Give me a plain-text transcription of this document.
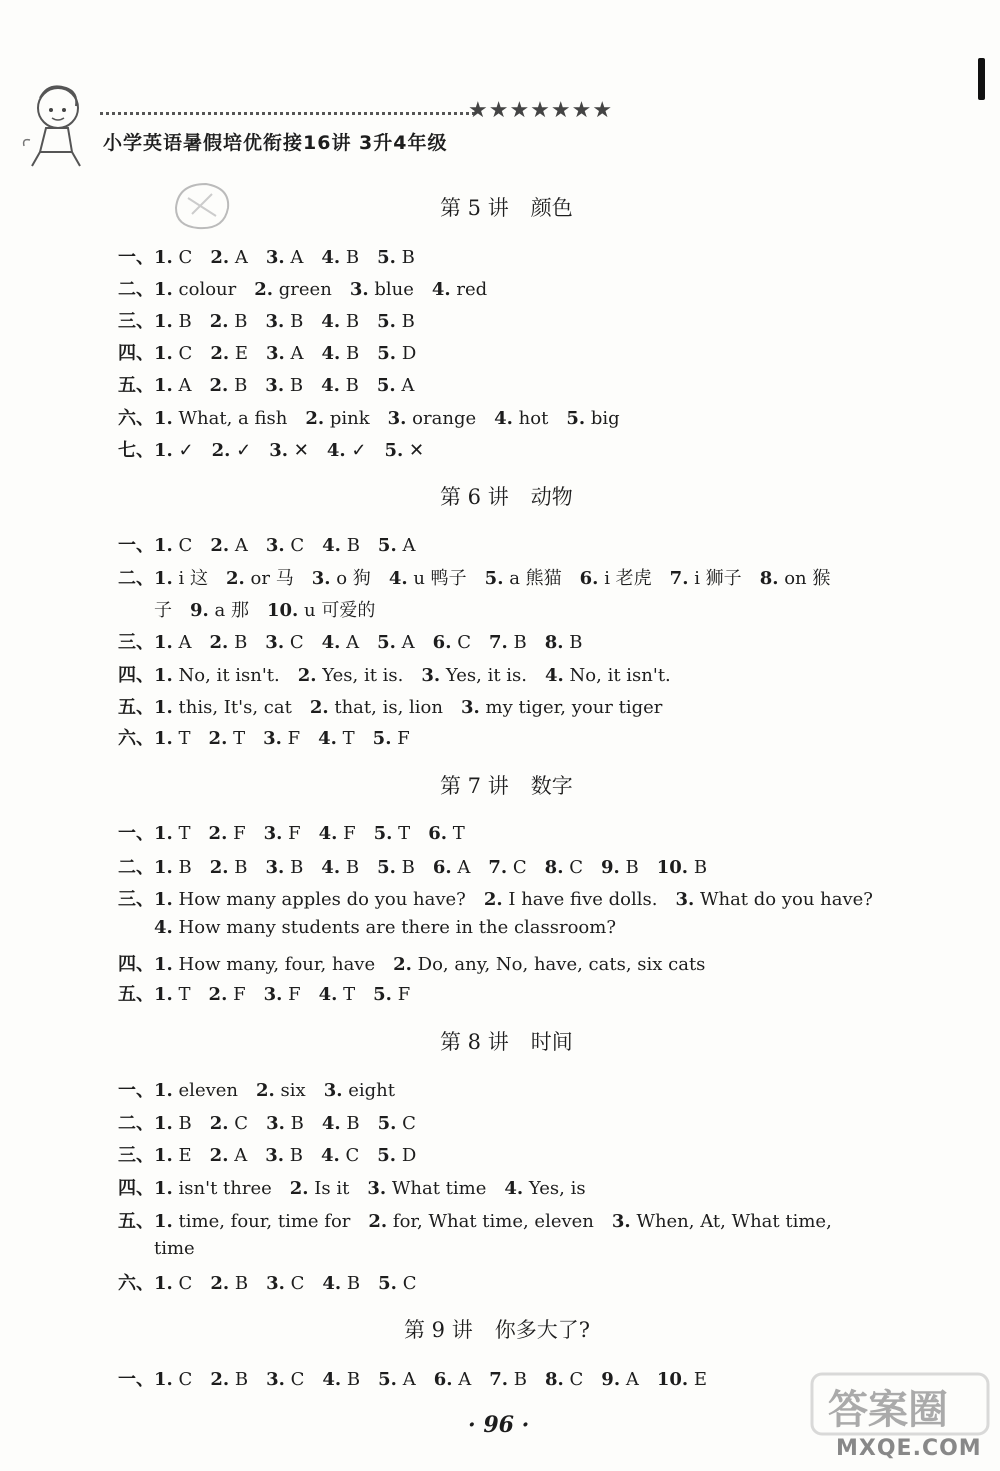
★★★★★★★
小学英语暑假培优衔接16讲 3升4年级
第 5 讲 颜色
一、1. C 2. A 3. A 4. B 5. B
二、1. colour 2. green 3. blue 4. red
三、1. B 2. B 3. B 4. B 5. B
四、1. C 2. E 3. A 4. B 5. D
五、1. A 2. B 3. B 4. B 5. A
六、1. What, a fish 2. pink 3. orange 4. hot 5. big
七、1. ✓ 2. ✓ 3. ✕ 4. ✓ 5. ✕
第 6 讲 动物
一、1. C 2. A 3. C 4. B 5. A
二、1. i 这 2. or 马 3. o 狗 4. u 鸭子 5. a 熊猫 6. i 老虎 7. i 狮子 8. on 猴
子 9. a 那 10. u 可爱的
三、1. A 2. B 3. C 4. A 5. A 6. C 7. B 8. B
四、1. No, it isn't. 2. Yes, it is. 3. Yes, it is. 4. No, it isn't.
五、1. this, It's, cat 2. that, is, lion 3. my tiger, your tiger
六、1. T 2. T 3. F 4. T 5. F
第 7 讲 数字
一、1. T 2. F 3. F 4. F 5. T 6. T
二、1. B 2. B 3. B 4. B 5. B 6. A 7. C 8. C 9. B 10. B
三、1. How many apples do you have? 2. I have five dolls. 3. What do you have?
4. How many students are there in the classroom?
四、1. How many, four, have 2. Do, any, No, have, cats, six cats
五、1. T 2. F 3. F 4. T 5. F
第 8 讲 时间
一、1. eleven 2. six 3. eight
二、1. B 2. C 3. B 4. B 5. C
三、1. E 2. A 3. B 4. C 5. D
四、1. isn't three 2. Is it 3. What time 4. Yes, is
五、1. time, four, time for 2. for, What time, eleven 3. When, At, What time,
time
六、1. C 2. B 3. C 4. B 5. C
第 9 讲 你多大了?
一、1. C 2. B 3. C 4. B 5. A 6. A 7. B 8. C 9. A 10. E

· 96 ·	答案圈
MXQE.COM
